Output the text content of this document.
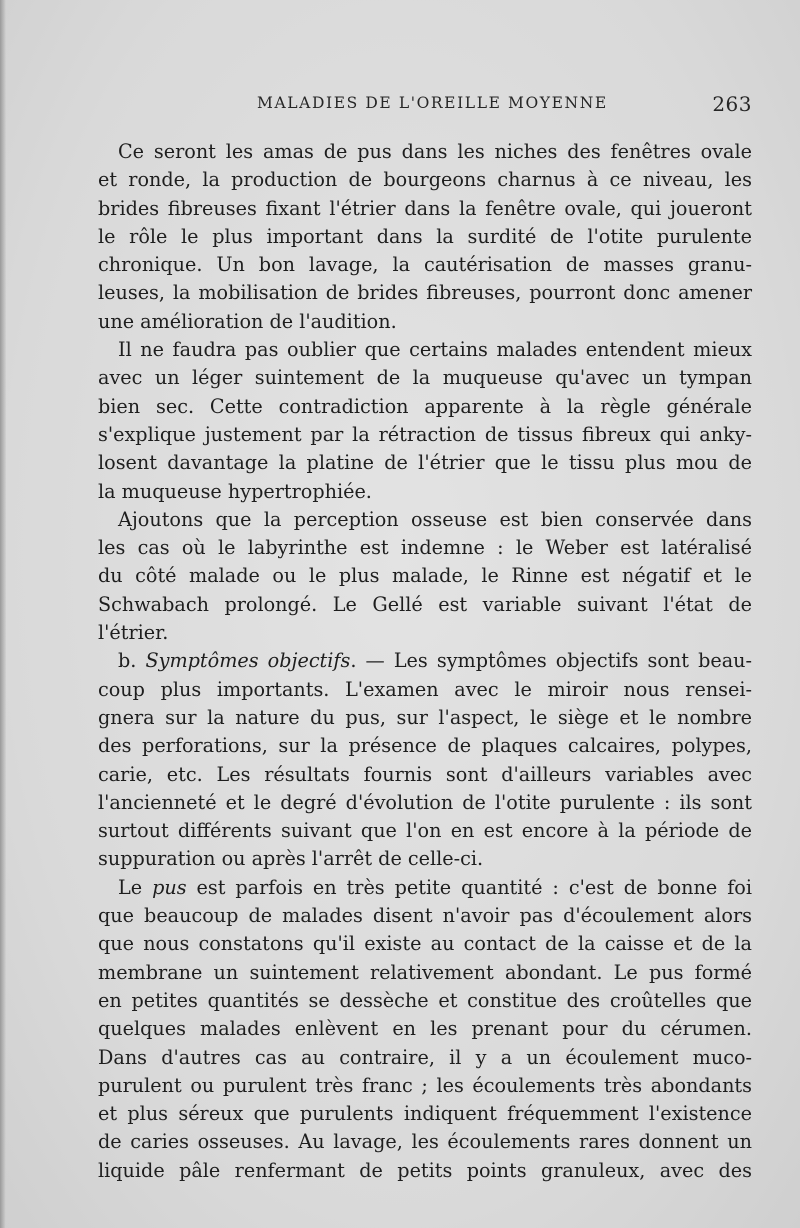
MALADIES DE L'OREILLE MOYENNE	263
Ce seront les amas de pus dans les niches des fenêtres ovale
et ronde, la production de bourgeons charnus à ce niveau, les
brides fibreuses fixant l'étrier dans la fenêtre ovale, qui joueront
le rôle le plus important dans la surdité de l'otite purulente
chronique. Un bon lavage, la cautérisation de masses granu-
leuses, la mobilisation de brides fibreuses, pourront donc amener
une amélioration de l'audition.
Il ne faudra pas oublier que certains malades entendent mieux
avec un léger suintement de la muqueuse qu'avec un tympan
bien sec. Cette contradiction apparente à la règle générale
s'explique justement par la rétraction de tissus fibreux qui anky-
losent davantage la platine de l'étrier que le tissu plus mou de
la muqueuse hypertrophiée.
Ajoutons que la perception osseuse est bien conservée dans
les cas où le labyrinthe est indemne : le Weber est latéralisé
du côté malade ou le plus malade, le Rinne est négatif et le
Schwabach prolongé. Le Gellé est variable suivant l'état de
l'étrier.
b. Symptômes objectifs. — Les symptômes objectifs sont beau-
coup plus importants. L'examen avec le miroir nous rensei-
gnera sur la nature du pus, sur l'aspect, le siège et le nombre
des perforations, sur la présence de plaques calcaires, polypes,
carie, etc. Les résultats fournis sont d'ailleurs variables avec
l'ancienneté et le degré d'évolution de l'otite purulente : ils sont
surtout différents suivant que l'on en est encore à la période de
suppuration ou après l'arrêt de celle-ci.
Le pus est parfois en très petite quantité : c'est de bonne foi
que beaucoup de malades disent n'avoir pas d'écoulement alors
que nous constatons qu'il existe au contact de la caisse et de la
membrane un suintement relativement abondant. Le pus formé
en petites quantités se dessèche et constitue des croûtelles que
quelques malades enlèvent en les prenant pour du cérumen.
Dans d'autres cas au contraire, il y a un écoulement muco-
purulent ou purulent très franc ; les écoulements très abondants
et plus séreux que purulents indiquent fréquemment l'existence
de caries osseuses. Au lavage, les écoulements rares donnent un
liquide pâle renfermant de petits points granuleux, avec des
